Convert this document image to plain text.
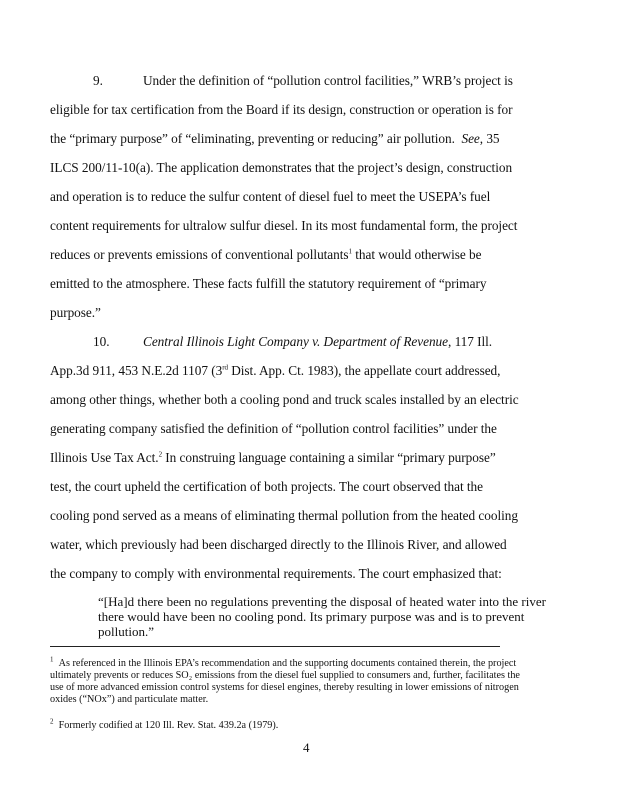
9.	Under the definition of “pollution control facilities,” WRB’s project is
eligible for tax certification from the Board if its design, construction or operation is for
the “primary purpose” of “eliminating, preventing or reducing” air pollution. See, 35
ILCS 200/11-10(a). The application demonstrates that the project’s design, construction
and operation is to reduce the sulfur content of diesel fuel to meet the USEPA’s fuel
content requirements for ultralow sulfur diesel. In its most fundamental form, the project
reduces or prevents emissions of conventional pollutants$^1$ that would otherwise be
emitted to the atmosphere. These facts fulfill the statutory requirement of “primary
purpose.”
10.	Central Illinois Light Company v. Department of Revenue, 117 Ill.
App.3d 911, 453 N.E.2d 1107 (3rd Dist. App. Ct. 1983), the appellate court addressed,
among other things, whether both a cooling pond and truck scales installed by an electric
generating company satisfied the definition of “pollution control facilities” under the
Illinois Use Tax Act.$^2$ In construing language containing a similar “primary purpose”
test, the court upheld the certification of both projects. The court observed that the
cooling pond served as a means of eliminating thermal pollution from the heated cooling
water, which previously had been discharged directly to the Illinois River, and allowed
the company to comply with environmental requirements. The court emphasized that:
“[Ha]d there been no regulations preventing the disposal of heated water into the river
there would have been no cooling pond. Its primary purpose was and is to prevent
pollution.”
$^1$ As referenced in the Illinois EPA’s recommendation and the supporting documents contained therein, the project
ultimately prevents or reduces SO₂ emissions from the diesel fuel supplied to consumers and, further, facilitates the
use of more advanced emission control systems for diesel engines, thereby resulting in lower emissions of nitrogen
oxides (“NOx”) and particulate matter.
$^2$ Formerly codified at 120 Ill. Rev. Stat. 439.2a (1979).
4
